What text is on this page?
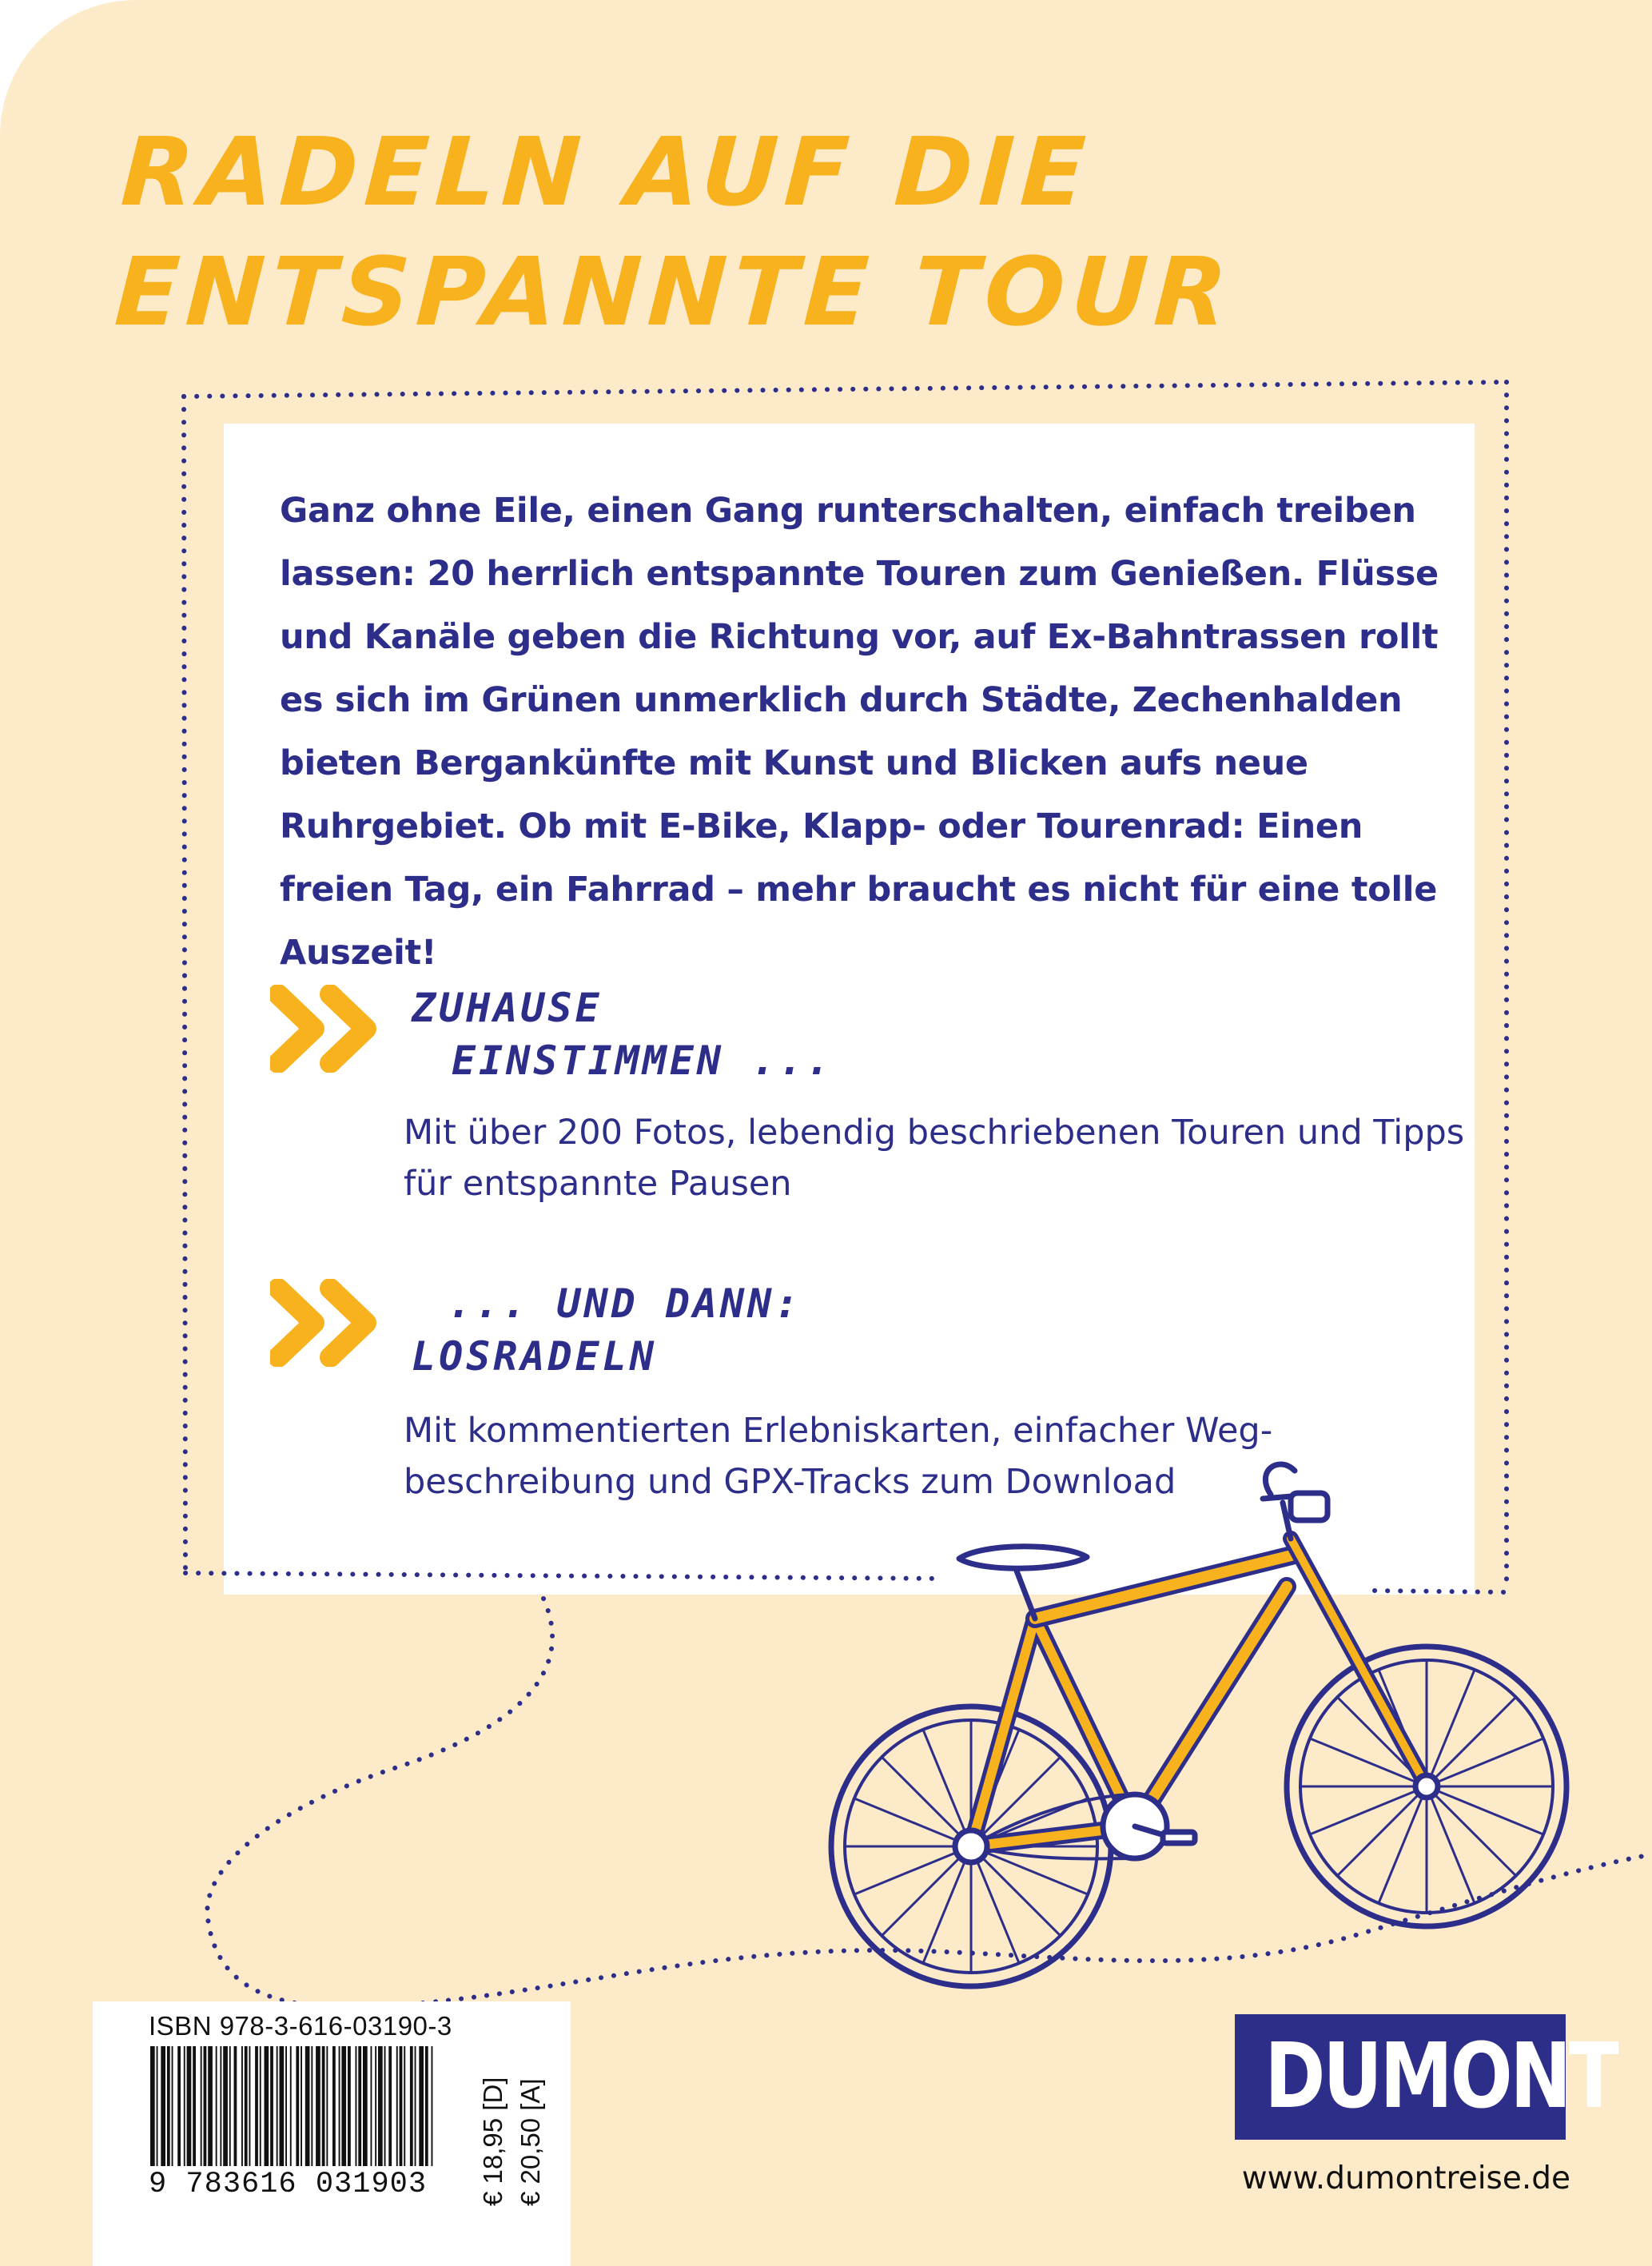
RADELN AUF DIE
ENTSPANNTE TOUR

Ganz ohne Eile, einen Gang runterschalten, einfach treiben lassen: 20 herrlich entspannte Touren zum Genießen. Flüsse und Kanäle geben die Richtung vor, auf Ex-Bahntrassen rollt es sich im Grünen unmerklich durch Städte, Zechenhalden bieten Bergankünfte mit Kunst und Blicken aufs neue Ruhrgebiet. Ob mit E-Bike, Klapp- oder Tourenrad: Einen freien Tag, ein Fahrrad – mehr braucht es nicht für eine tolle Auszeit!

ZUHAUSE
EINSTIMMEN ...

Mit über 200 Fotos, lebendig beschriebenen Touren und Tipps für entspannte Pausen

... UND DANN:
LOSRADELN

Mit kommentierten Erlebniskarten, einfacher Weg-beschreibung und GPX-Tracks zum Download

ISBN 978-3-616-03190-3

9 783616 031903 € 18,95 [D] € 20,50 [A]

DUMONT

www.dumontreise.de
